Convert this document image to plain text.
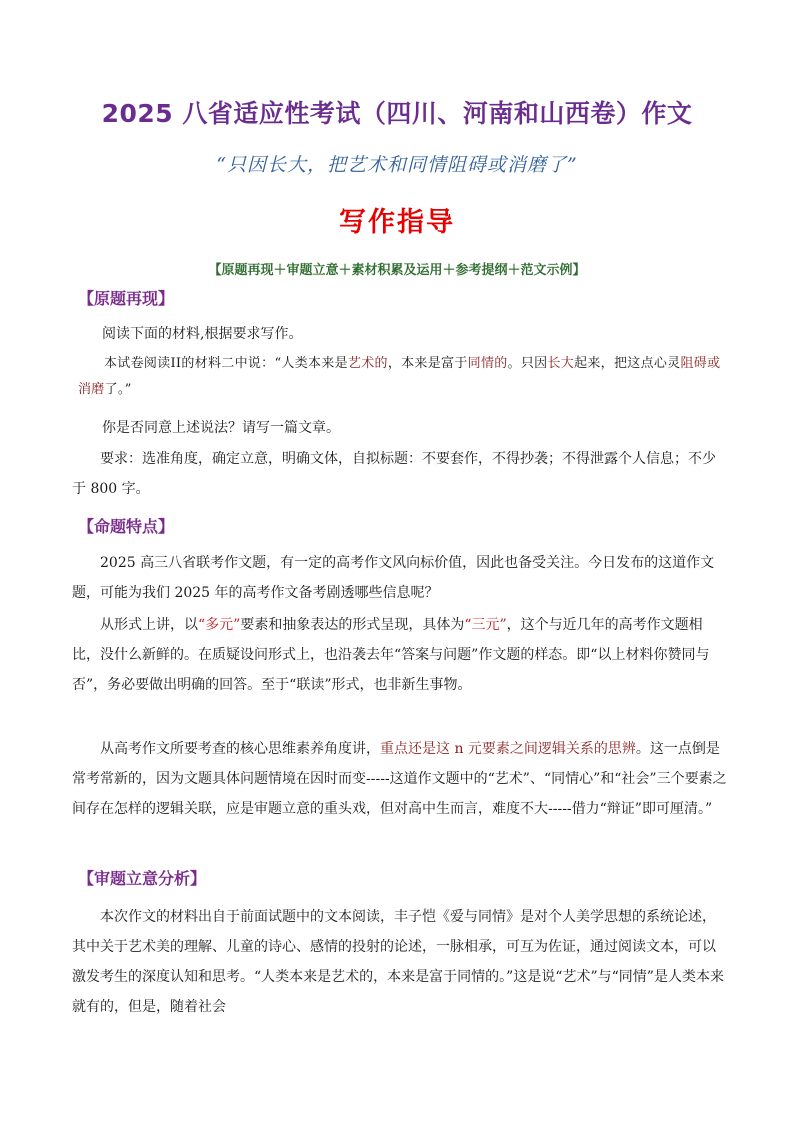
2025 八省适应性考试（四川、河南和山西卷）作文
“只因长大，把艺术和同情阻碍或消磨了”
写作指导
【原题再现＋审题立意＋素材积累及运用＋参考提纲＋范文示例】
【原题再现】

阅读下面的材料,根据要求写作。

本试卷阅读II的材料二中说：“人类本来是艺术的，本来是富于同情的。只因长大起来，把这点心灵阻碍或消磨了。”

你是否同意上述说法？请写一篇文章。

要求：选准角度，确定立意，明确文体，自拟标题：不要套作，不得抄袭；不得泄露个人信息；不少于 800 字。

【命题特点】

2025 高三八省联考作文题，有一定的高考作文风向标价值，因此也备受关注。今日发布的这道作文题，可能为我们 2025 年的高考作文备考剧透哪些信息呢？

从形式上讲，以“多元”要素和抽象表达的形式呈现，具体为“三元”，这个与近几年的高考作文题相比，没什么新鲜的。在质疑设问形式上，也沿袭去年“答案与问题”作文题的样态。即“以上材料你赞同与否”，务必要做出明确的回答。至于“联读”形式，也非新生事物。

从高考作文所要考查的核心思维素养角度讲，重点还是这 n 元要素之间逻辑关系的思辨。这一点倒是常考常新的，因为文题具体问题情境在因时而变-----这道作文题中的“艺术”、“同情心”和“社会”三个要素之间存在怎样的逻辑关联，应是审题立意的重头戏，但对高中生而言，难度不大-----借力“辩证”即可厘清。”

【审题立意分析】

本次作文的材料出自于前面试题中的文本阅读，丰子恺《爱与同情》是对个人美学思想的系统论述，其中关于艺术美的理解、儿童的诗心、感情的投射的论述，一脉相承，可互为佐证，通过阅读文本，可以激发考生的深度认知和思考。“人类本来是艺术的，本来是富于同情的。”这是说“艺术”与“同情”是人类本来就有的，但是，随着社会
